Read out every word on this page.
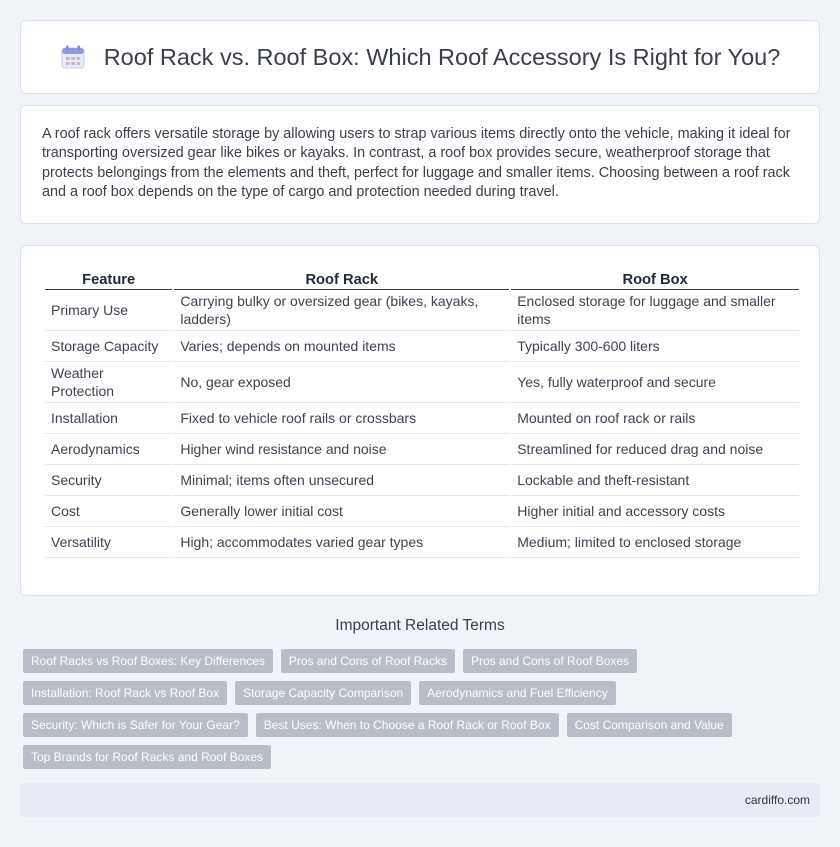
Roof Rack vs. Roof Box: Which Roof Accessory Is Right for You?

A roof rack offers versatile storage by allowing users to strap various items directly onto the vehicle, making it ideal for transporting oversized gear like bikes or kayaks. In contrast, a roof box provides secure, weatherproof storage that protects belongings from the elements and theft, perfect for luggage and smaller items. Choosing between a roof rack and a roof box depends on the type of cargo and protection needed during travel.

Feature	Roof Rack	Roof Box
Primary Use	Carrying bulky or oversized gear (bikes, kayaks, ladders)	Enclosed storage for luggage and smaller items
Storage Capacity	Varies; depends on mounted items	Typically 300-600 liters
Weather Protection	No, gear exposed	Yes, fully waterproof and secure
Installation	Fixed to vehicle roof rails or crossbars	Mounted on roof rack or rails
Aerodynamics	Higher wind resistance and noise	Streamlined for reduced drag and noise
Security	Minimal; items often unsecured	Lockable and theft-resistant
Cost	Generally lower initial cost	Higher initial and accessory costs
Versatility	High; accommodates varied gear types	Medium; limited to enclosed storage
Important Related Terms
Roof Racks vs Roof Boxes: Key Differences	Pros and Cons of Roof Racks	Pros and Cons of Roof Boxes
Installation: Roof Rack vs Roof Box	Storage Capacity Comparison	Aerodynamics and Fuel Efficiency
Security: Which is Safer for Your Gear?	Best Uses: When to Choose a Roof Rack or Roof Box	Cost Comparison and Value
Top Brands for Roof Racks and Roof Boxes
cardiffo.com
